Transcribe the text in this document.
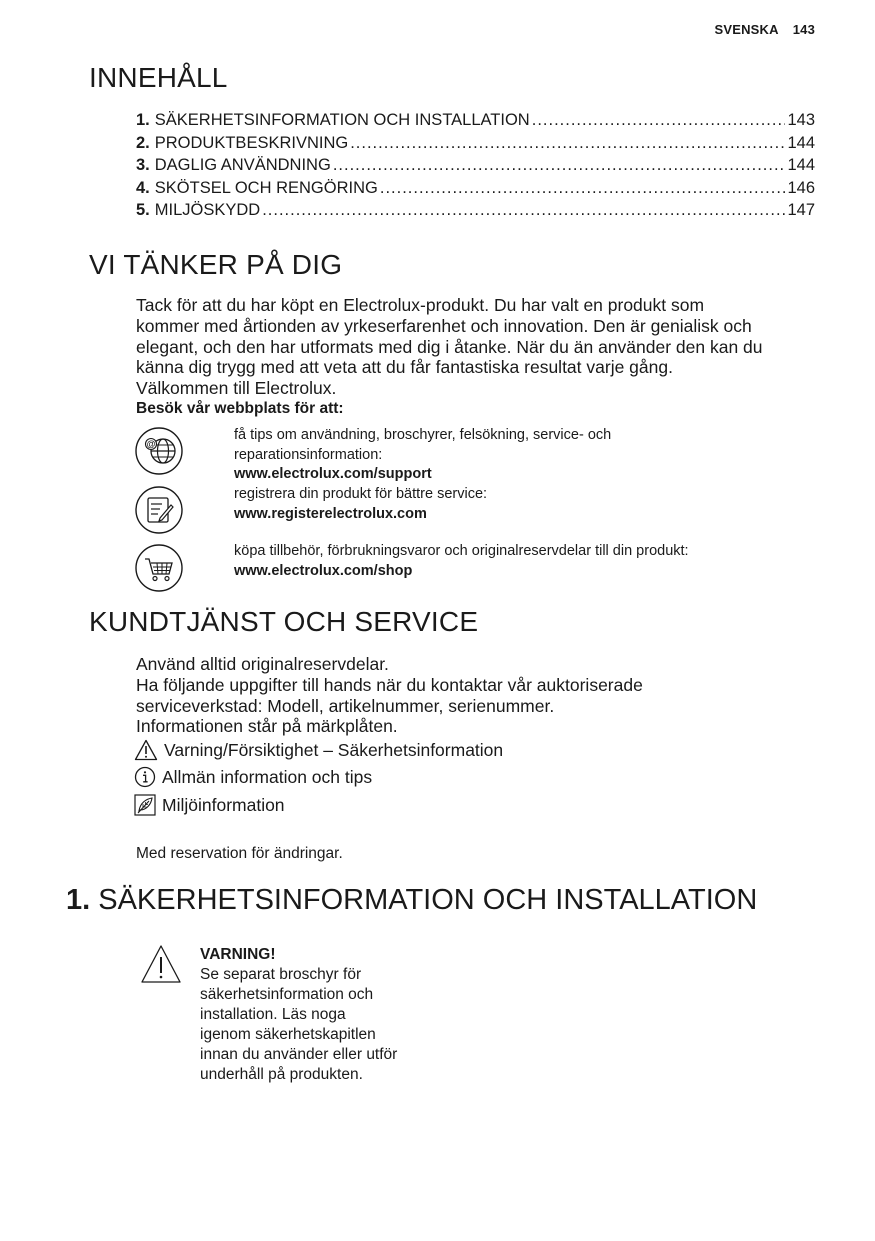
SVENSKA 143
INNEHÅLL
1. SÄKERHETSINFORMATION OCH INSTALLATION .....	143
2. PRODUKTBESKRIVNING .....	144
3. DAGLIG ANVÄNDNING .....	144
4. SKÖTSEL OCH RENGÖRING .....	146
5. MILJÖSKYDD .....	147
VI TÄNKER PÅ DIG

Tack för att du har köpt en Electrolux-produkt. Du har valt en produkt som

kommer med årtionden av yrkeserfarenhet och innovation. Den är genialisk och

elegant, och den har utformats med dig i åtanke. När du än använder den kan du

känna dig trygg med att veta att du får fantastiska resultat varje gång.

Välkommen till Electrolux.

Besök vår webbplats för att:

@
få tips om användning, broschyrer, felsökning, service- och
reparationsinformation:
www.electrolux.com/support
registrera din produkt för bättre service:
www.registerelectrolux.com
köpa tillbehör, förbrukningsvaror och originalreservdelar till din produkt:
www.electrolux.com/shop
KUNDTJÄNST OCH SERVICE

Använd alltid originalreservdelar.

Ha följande uppgifter till hands när du kontaktar vår auktoriserade

serviceverkstad: Modell, artikelnummer, serienummer.

Informationen står på märkplåten.

Varning/Försiktighet – Säkerhetsinformation
Allmän information och tips
Miljöinformation
Med reservation för ändringar.
1. SÄKERHETSINFORMATION OCH INSTALLATION
VARNING!
Se separat broschyr för
säkerhetsinformation och
installation. Läs noga
igenom säkerhetskapitlen
innan du använder eller utför
underhåll på produkten.
